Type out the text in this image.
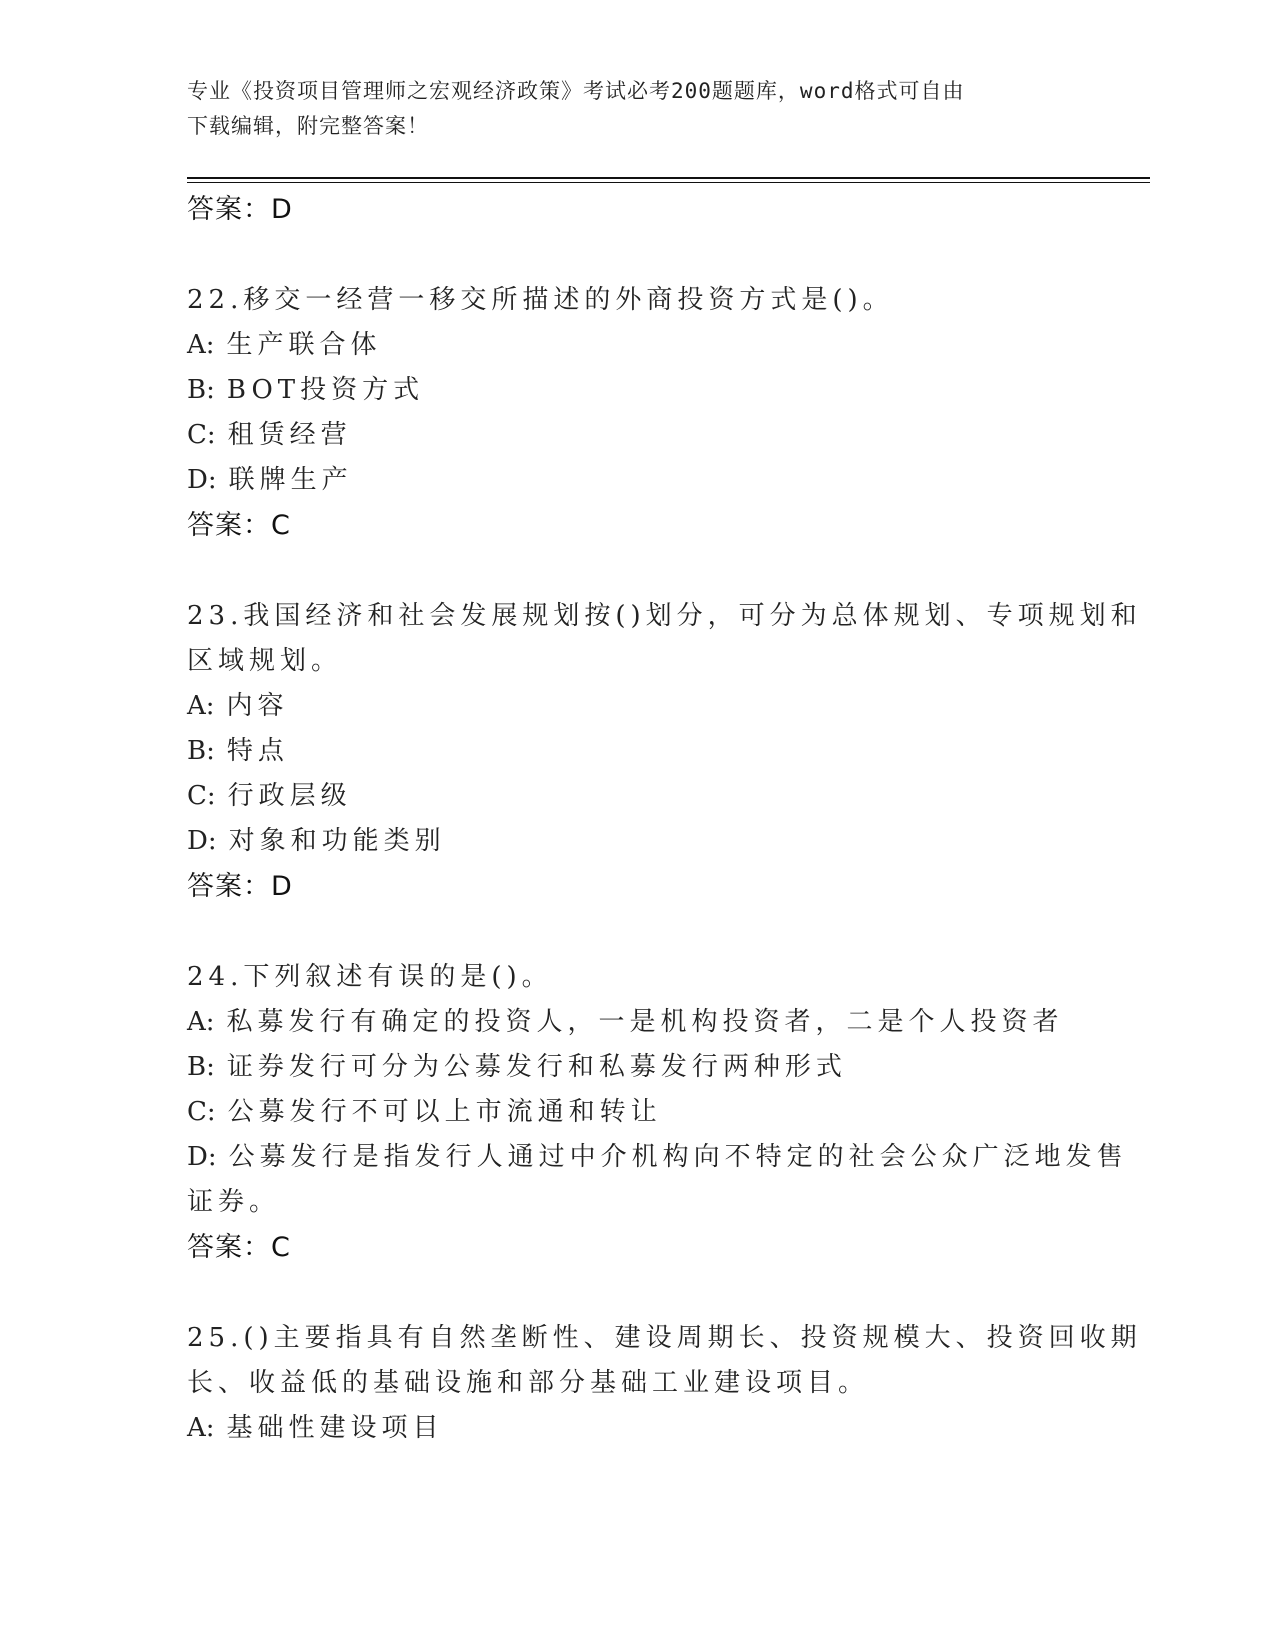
专业《投资项目管理师之宏观经济政策》考试必考200题题库，word格式可自由
下载编辑，附完整答案！
答案：D
22.移交一经营一移交所描述的外商投资方式是()。
A: 生产联合体
B: BOT投资方式
C: 租赁经营
D: 联牌生产
答案：C
23.我国经济和社会发展规划按()划分，可分为总体规划、专项规划和
区域规划。
A: 内容
B: 特点
C: 行政层级
D: 对象和功能类别
答案：D
24.下列叙述有误的是()。
A: 私募发行有确定的投资人，一是机构投资者，二是个人投资者
B: 证券发行可分为公募发行和私募发行两种形式
C: 公募发行不可以上市流通和转让
D: 公募发行是指发行人通过中介机构向不特定的社会公众广泛地发售
证券。
答案：C
25.()主要指具有自然垄断性、建设周期长、投资规模大、投资回收期
长、收益低的基础设施和部分基础工业建设项目。
A: 基础性建设项目
